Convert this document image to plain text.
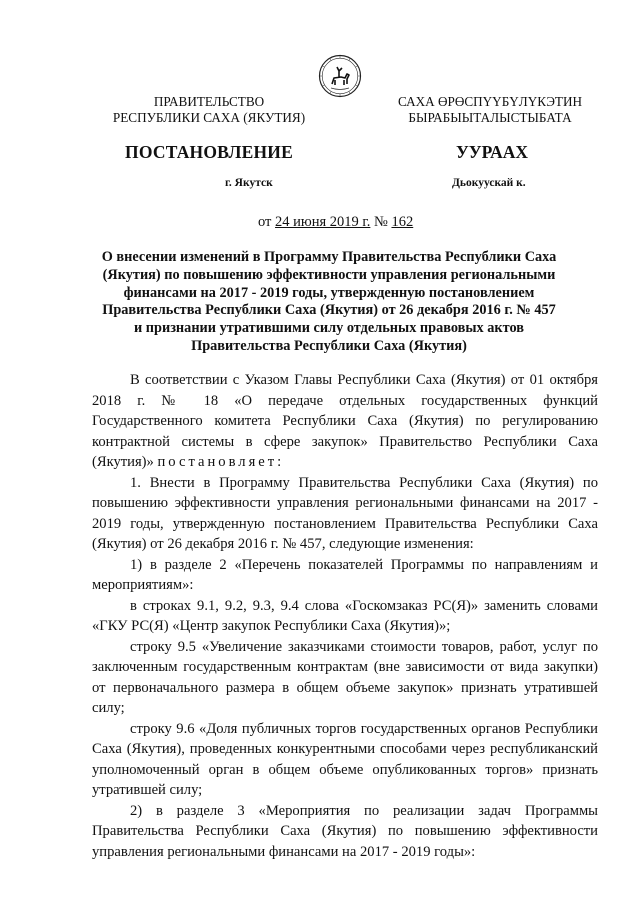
ПРАВИТЕЛЬСТВО
РЕСПУБЛИКИ САХА (ЯКУТИЯ)
САХА ӨРӨСПҮҮБҮЛҮКЭТИН
БЫРАБЫЫТАЛЫСТЫБАТА
ПОСТАНОВЛЕНИЕ	УУРААХ
г. Якутск	Дьокуускай к.
от 24 июня 2019 г. № 162
О внесении изменений в Программу Правительства Республики Саха
(Якутия) по повышению эффективности управления региональными
финансами на 2017 - 2019 годы, утвержденную постановлением
Правительства Республики Саха (Якутия) от 26 декабря 2016 г. № 457
и признании утратившими силу отдельных правовых актов
Правительства Республики Саха (Якутия)

В соответствии с Указом Главы Республики Саха (Якутия) от 01 октября 2018 г. № 18 «О передаче отдельных государственных функций Государственного комитета Республики Саха (Якутия) по регулированию контрактной системы в сфере закупок» Правительство Республики Саха (Якутия)» постановляет:

1. Внести в Программу Правительства Республики Саха (Якутия) по повышению эффективности управления региональными финансами на 2017 - 2019 годы, утвержденную постановлением Правительства Республики Саха (Якутия) от 26 декабря 2016 г. № 457, следующие изменения:

1) в разделе 2 «Перечень показателей Программы по направлениям и мероприятиям»:

в строках 9.1, 9.2, 9.3, 9.4 слова «Госкомзаказ РС(Я)» заменить словами «ГКУ РС(Я) «Центр закупок Республики Саха (Якутия)»;

строку 9.5 «Увеличение заказчиками стоимости товаров, работ, услуг по заключенным государственным контрактам (вне зависимости от вида закупки) от первоначального размера в общем объеме закупок» признать утратившей силу;

строку 9.6 «Доля публичных торгов государственных органов Республики Саха (Якутия), проведенных конкурентными способами через республиканский уполномоченный орган в общем объеме опубликованных торгов» признать утратившей силу;

2) в разделе 3 «Мероприятия по реализации задач Программы Правительства Республики Саха (Якутия) по повышению эффективности управления региональными финансами на 2017 - 2019 годы»:
